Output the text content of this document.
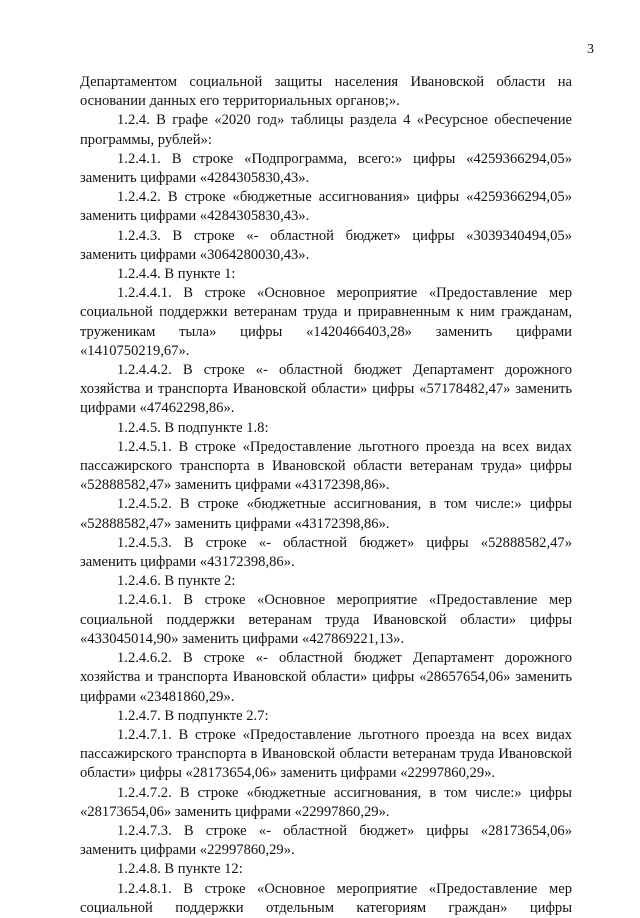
3

Департаментом социальной защиты населения Ивановской области на основании данных его территориальных органов;».

1.2.4. В графе «2020 год» таблицы раздела 4 «Ресурсное обеспечение программы, рублей»:

1.2.4.1. В строке «Подпрограмма, всего:» цифры «4259366294,05» заменить цифрами «4284305830,43».

1.2.4.2. В строке «бюджетные ассигнования» цифры «4259366294,05» заменить цифрами «4284305830,43».

1.2.4.3. В строке «- областной бюджет» цифры «3039340494,05» заменить цифрами «3064280030,43».

1.2.4.4. В пункте 1:

1.2.4.4.1. В строке «Основное мероприятие «Предоставление мер социальной поддержки ветеранам труда и приравненным к ним гражданам, труженикам тыла» цифры «1420466403,28» заменить цифрами «1410750219,67».

1.2.4.4.2. В строке «- областной бюджет Департамент дорожного хозяйства и транспорта Ивановской области» цифры «57178482,47» заменить цифрами «47462298,86».

1.2.4.5. В подпункте 1.8:

1.2.4.5.1. В строке «Предоставление льготного проезда на всех видах пассажирского транспорта в Ивановской области ветеранам труда» цифры «52888582,47» заменить цифрами «43172398,86».

1.2.4.5.2. В строке «бюджетные ассигнования, в том числе:» цифры «52888582,47» заменить цифрами «43172398,86».

1.2.4.5.3. В строке «- областной бюджет» цифры «52888582,47» заменить цифрами «43172398,86».

1.2.4.6. В пункте 2:

1.2.4.6.1. В строке «Основное мероприятие «Предоставление мер социальной поддержки ветеранам труда Ивановской области» цифры «433045014,90» заменить цифрами «427869221,13».

1.2.4.6.2. В строке «- областной бюджет Департамент дорожного хозяйства и транспорта Ивановской области» цифры «28657654,06» заменить цифрами «23481860,29».

1.2.4.7. В подпункте 2.7:

1.2.4.7.1. В строке «Предоставление льготного проезда на всех видах пассажирского транспорта в Ивановской области ветеранам труда Ивановской области» цифры «28173654,06» заменить цифрами «22997860,29».

1.2.4.7.2. В строке «бюджетные ассигнования, в том числе:» цифры «28173654,06» заменить цифрами «22997860,29».

1.2.4.7.3. В строке «- областной бюджет» цифры «28173654,06» заменить цифрами «22997860,29».

1.2.4.8. В пункте 12:

1.2.4.8.1. В строке «Основное мероприятие «Предоставление мер социальной поддержки отдельным категориям граждан» цифры
